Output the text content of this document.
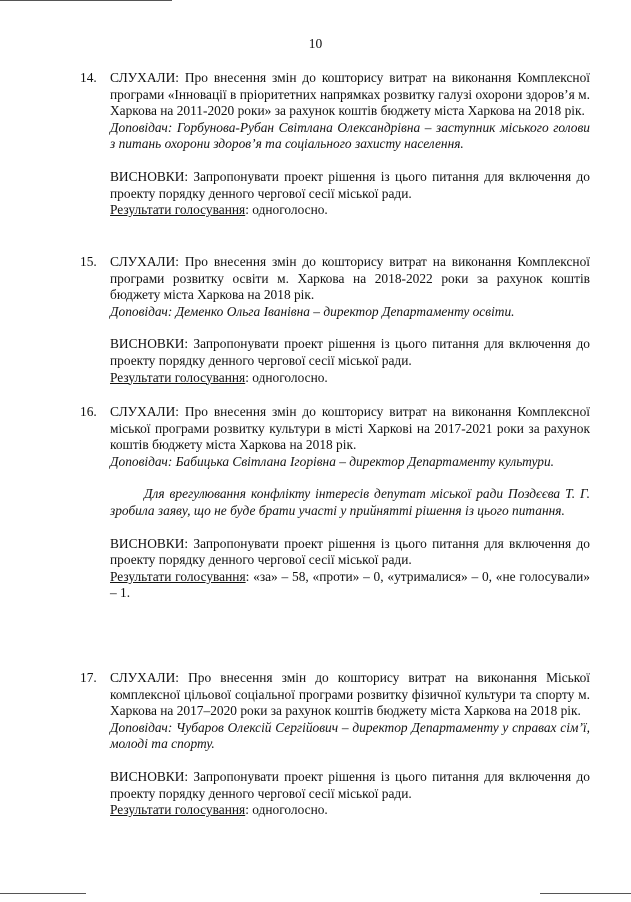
10
14. СЛУХАЛИ: Про внесення змін до кошторису витрат на виконання Комплексної програми «Інновації в пріоритетних напрямках розвитку галузі охорони здоров’я м. Харкова на 2011-2020 роки» за рахунок коштів бюджету міста Харкова на 2018 рік.
Доповідач: Горбунова-Рубан Світлана Олександрівна – заступник міського голови з питань охорони здоров’я та соціального захисту населення.
ВИСНОВКИ: Запропонувати проект рішення із цього питання для включення до проекту порядку денного чергової сесії міської ради.
Результати голосування: одноголосно.
15. СЛУХАЛИ: Про внесення змін до кошторису витрат на виконання Комплексної програми розвитку освіти м. Харкова на 2018-2022 роки за рахунок коштів бюджету міста Харкова на 2018 рік.
Доповідач: Деменко Ольга Іванівна – директор Департаменту освіти.
ВИСНОВКИ: Запропонувати проект рішення із цього питання для включення до проекту порядку денного чергової сесії міської ради.
Результати голосування: одноголосно.
16. СЛУХАЛИ: Про внесення змін до кошторису витрат на виконання Комплексної міської програми розвитку культури в місті Харкові на 2017-2021 роки за рахунок коштів бюджету міста Харкова на 2018 рік.
Доповідач: Бабицька Світлана Ігорівна – директор Департаменту культури.
Для врегулювання конфлікту інтересів депутат міської ради Поздєєва Т. Г. зробила заяву, що не буде брати участі у прийнятті рішення із цього питання.
ВИСНОВКИ: Запропонувати проект рішення із цього питання для включення до проекту порядку денного чергової сесії міської ради.
Результати голосування: «за» – 58, «проти» – 0, «утрималися» – 0, «не голосували» – 1.
17. СЛУХАЛИ: Про внесення змін до кошторису витрат на виконання Міської комплексної цільової соціальної програми розвитку фізичної культури та спорту м. Харкова на 2017–2020 роки за рахунок коштів бюджету міста Харкова на 2018 рік.
Доповідач: Чубаров Олексій Сергійович – директор Департаменту у справах сім’ї, молоді та спорту.
ВИСНОВКИ: Запропонувати проект рішення із цього питання для включення до проекту порядку денного чергової сесії міської ради.
Результати голосування: одноголосно.
